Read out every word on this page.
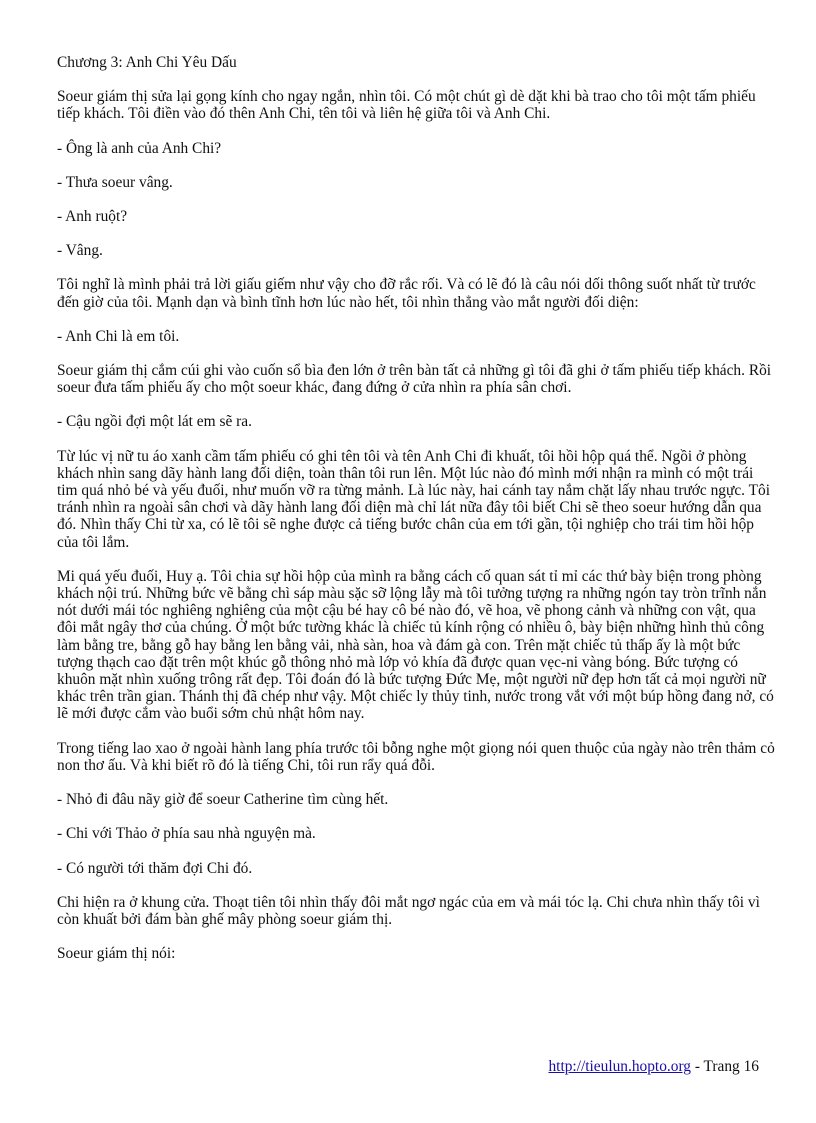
Chương 3: Anh Chi Yêu Dấu

Soeur giám thị sửa lại gọng kính cho ngay ngắn, nhìn tôi. Có một chút gì dè dặt khi bà trao cho tôi một tấm phiếu tiếp khách. Tôi điền vào đó thên Anh Chi, tên tôi và liên hệ giữa tôi và Anh Chi.

- Ông là anh của Anh Chi?

- Thưa soeur vâng.

- Anh ruột?

- Vâng.

Tôi nghĩ là mình phải trả lời giấu giếm như vậy cho đỡ rắc rối. Và có lẽ đó là câu nói dối thông suốt nhất từ trước đến giờ của tôi. Mạnh dạn và bình tĩnh hơn lúc nào hết, tôi nhìn thẳng vào mắt người đối diện:

- Anh Chi là em tôi.

Soeur giám thị cắm cúi ghi vào cuốn sổ bìa đen lớn ở trên bàn tất cả những gì tôi đã ghi ở tấm phiếu tiếp khách. Rồi soeur đưa tấm phiếu ấy cho một soeur khác, đang đứng ở cửa nhìn ra phía sân chơi.

- Cậu ngồi đợi một lát em sẽ ra.

Từ lúc vị nữ tu áo xanh cầm tấm phiếu có ghi tên tôi và tên Anh Chi đi khuất, tôi hồi hộp quá thể. Ngồi ở phòng khách nhìn sang dãy hành lang đối diện, toàn thân tôi run lên. Một lúc nào đó mình mới nhận ra mình có một trái tim quá nhỏ bé và yếu đuối, như muốn vỡ ra từng mảnh. Là lúc này, hai cánh tay nắm chặt lấy nhau trước ngực. Tôi tránh nhìn ra ngoài sân chơi và dãy hành lang đối diện mà chỉ lát nữa đây tôi biết Chi sẽ theo soeur hướng dẫn qua đó. Nhìn thấy Chi từ xa, có lẽ tôi sẽ nghe được cả tiếng bước chân của em tới gần, tội nghiệp cho trái tim hồi hộp của tôi lắm.

Mi quá yếu đuối, Huy ạ. Tôi chia sự hồi hộp của mình ra bằng cách cố quan sát tỉ mỉ các thứ bày biện trong phòng khách nội trú. Những bức vẽ bằng chì sáp màu sặc sỡ lộng lẫy mà tôi tưởng tượng ra những ngón tay tròn trĩnh nắn nót dưới mái tóc nghiêng nghiêng của một cậu bé hay cô bé nào đó, vẽ hoa, vẽ phong cảnh và những con vật, qua đôi mắt ngây thơ của chúng. Ở một bức tường khác là chiếc tủ kính rộng có nhiều ô, bày biện những hình thủ công làm bằng tre, bằng gỗ hay bằng len bằng vải, nhà sàn, hoa và đám gà con. Trên mặt chiếc tủ thấp ấy là một bức tượng thạch cao đặt trên một khúc gỗ thông nhỏ mà lớp vỏ khía đã được quan vẹc-ni vàng bóng. Bức tượng có khuôn mặt nhìn xuống trông rất đẹp. Tôi đoán đó là bức tượng Đức Mẹ, một người nữ đẹp hơn tất cả mọi người nữ khác trên trần gian. Thánh thị đã chép như vậy. Một chiếc ly thủy tinh, nước trong vắt với một búp hồng đang nở, có lẽ mới được cắm vào buổi sớm chủ nhật hôm nay.

Trong tiếng lao xao ở ngoài hành lang phía trước tôi bỗng nghe một giọng nói quen thuộc của ngày nào trên thảm cỏ non thơ ấu. Và khi biết rõ đó là tiếng Chi, tôi run rẩy quá đỗi.

- Nhỏ đi đâu nãy giờ để soeur Catherine tìm cùng hết.

- Chi với Thảo ở phía sau nhà nguyện mà.

- Có người tới thăm đợi Chi đó.

Chi hiện ra ở khung cửa. Thoạt tiên tôi nhìn thấy đôi mắt ngơ ngác của em và mái tóc lạ. Chi chưa nhìn thấy tôi vì còn khuất bởi đám bàn ghế mây phòng soeur giám thị.

Soeur giám thị nói:

http://tieulun.hopto.org - Trang 16
